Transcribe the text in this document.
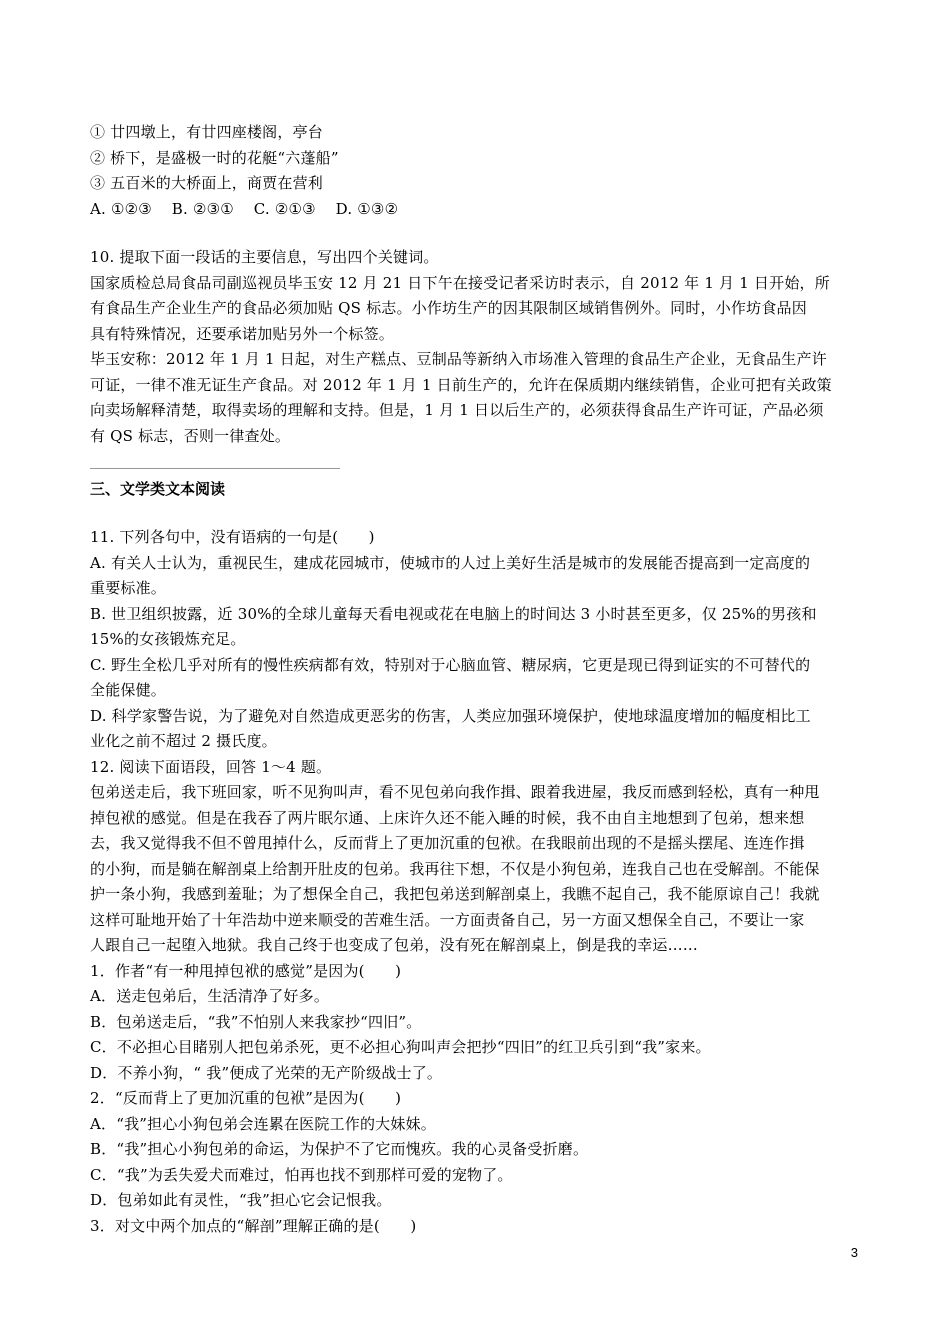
① 廿四墩上，有廿四座楼阁，亭台
② 桥下，是盛极一时的花艇“六蓬船”
③ 五百米的大桥面上，商贾在营利
A. ①②③    B. ②③①    C. ②①③    D. ①③②
10. 提取下面一段话的主要信息，写出四个关键词。
国家质检总局食品司副巡视员毕玉安 12 月 21 日下午在接受记者采访时表示，自 2012 年 1 月 1 日开始，所
有食品生产企业生产的食品必须加贴 QS 标志。小作坊生产的因其限制区域销售例外。同时，小作坊食品因
具有特殊情况，还要承诺加贴另外一个标签。
毕玉安称：2012 年 1 月 1 日起，对生产糕点、豆制品等新纳入市场准入管理的食品生产企业，无食品生产许
可证，一律不准无证生产食品。对 2012 年 1 月 1 日前生产的，允许在保质期内继续销售，企业可把有关政策
向卖场解释清楚，取得卖场的理解和支持。但是，1 月 1 日以后生产的，必须获得食品生产许可证，产品必须
有 QS 标志，否则一律查处。
三、文学类文本阅读
11. 下列各句中，没有语病的一句是(　　)
A. 有关人士认为，重视民生，建成花园城市，使城市的人过上美好生活是城市的发展能否提高到一定高度的
重要标准。
B. 世卫组织披露，近 30%的全球儿童每天看电视或花在电脑上的时间达 3 小时甚至更多，仅 25%的男孩和
15%的女孩锻炼充足。
C. 野生全松几乎对所有的慢性疾病都有效，特别对于心脑血管、糖尿病，它更是现已得到证实的不可替代的
全能保健。
D. 科学家警告说，为了避免对自然造成更恶劣的伤害，人类应加强环境保护，使地球温度增加的幅度相比工
业化之前不超过 2 摄氏度。
12. 阅读下面语段，回答 1～4 题。
包弟送走后，我下班回家，听不见狗叫声，看不见包弟向我作揖、跟着我进屋，我反而感到轻松，真有一种甩
掉包袱的感觉。但是在我吞了两片眠尔通、上床许久还不能入睡的时候，我不由自主地想到了包弟，想来想
去，我又觉得我不但不曾甩掉什么，反而背上了更加沉重的包袱。在我眼前出现的不是摇头摆尾、连连作揖
的小狗，而是躺在解剖桌上给割开肚皮的包弟。我再往下想，不仅是小狗包弟，连我自己也在受解剖。不能保
护一条小狗，我感到羞耻；为了想保全自己，我把包弟送到解剖桌上，我瞧不起自己，我不能原谅自己！我就
这样可耻地开始了十年浩劫中逆来顺受的苦难生活。一方面责备自己，另一方面又想保全自己，不要让一家
人跟自己一起堕入地狱。我自己终于也变成了包弟，没有死在解剖桌上，倒是我的幸运……
1．作者“有一种甩掉包袱的感觉”是因为(　　)
A．送走包弟后，生活清净了好多。
B．包弟送走后，“我”不怕别人来我家抄“四旧”。
C．不必担心目睹别人把包弟杀死，更不必担心狗叫声会把抄“四旧”的红卫兵引到“我”家来。
D．不养小狗，“ 我”便成了光荣的无产阶级战士了。
2．“反而背上了更加沉重的包袱”是因为(　　)
A．“我”担心小狗包弟会连累在医院工作的大妹妹。
B．“我”担心小狗包弟的命运，为保护不了它而愧疚。我的心灵备受折磨。
C．“我”为丢失爱犬而难过，怕再也找不到那样可爱的宠物了。
D．包弟如此有灵性，“我”担心它会记恨我。
3．对文中两个加点的“解剖”理解正确的是(　　)
3
